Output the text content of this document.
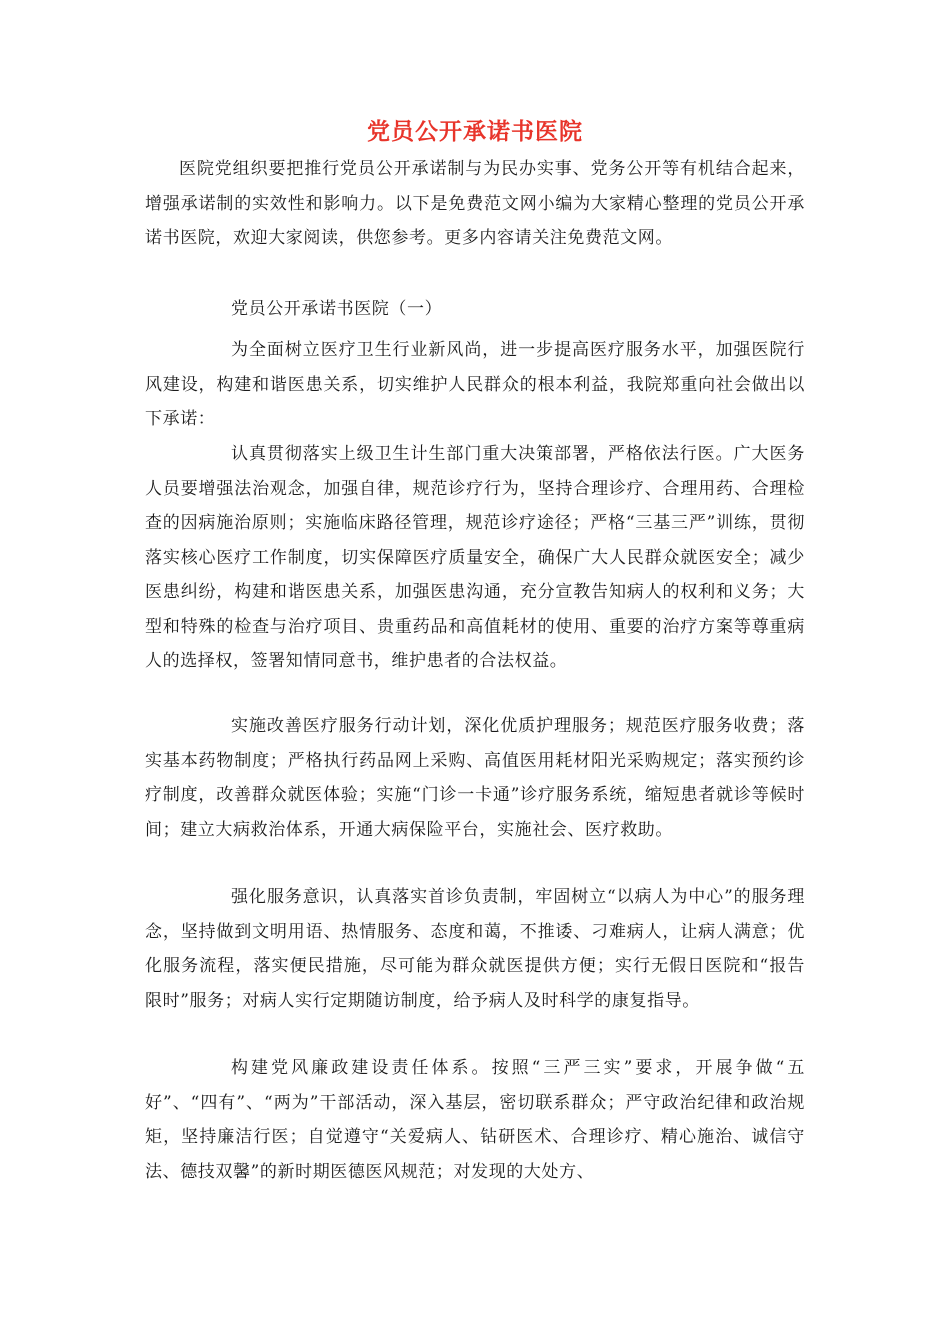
党员公开承诺书医院

医院党组织要把推行党员公开承诺制与为民办实事、党务公开等有机结合起来，增强承诺制的实效性和影响力。以下是免费范文网小编为大家精心整理的党员公开承诺书医院，欢迎大家阅读，供您参考。更多内容请关注免费范文网。

党员公开承诺书医院（一）

为全面树立医疗卫生行业新风尚，进一步提高医疗服务水平，加强医院行风建设，构建和谐医患关系，切实维护人民群众的根本利益，我院郑重向社会做出以下承诺：

认真贯彻落实上级卫生计生部门重大决策部署，严格依法行医。广大医务人员要增强法治观念，加强自律，规范诊疗行为，坚持合理诊疗、合理用药、合理检查的因病施治原则；实施临床路径管理，规范诊疗途径；严格“三基三严”训练，贯彻落实核心医疗工作制度，切实保障医疗质量安全，确保广大人民群众就医安全；减少医患纠纷，构建和谐医患关系，加强医患沟通，充分宣教告知病人的权利和义务；大型和特殊的检查与治疗项目、贵重药品和高值耗材的使用、重要的治疗方案等尊重病人的选择权，签署知情同意书，维护患者的合法权益。

实施改善医疗服务行动计划，深化优质护理服务；规范医疗服务收费；落实基本药物制度；严格执行药品网上采购、高值医用耗材阳光采购规定；落实预约诊疗制度，改善群众就医体验；实施“门诊一卡通”诊疗服务系统，缩短患者就诊等候时间；建立大病救治体系，开通大病保险平台，实施社会、医疗救助。

强化服务意识，认真落实首诊负责制，牢固树立“以病人为中心”的服务理念，坚持做到文明用语、热情服务、态度和蔼，不推诿、刁难病人，让病人满意；优化服务流程，落实便民措施，尽可能为群众就医提供方便；实行无假日医院和“报告限时”服务；对病人实行定期随访制度，给予病人及时科学的康复指导。

构建党风廉政建设责任体系。按照“三严三实”要求，开展争做“五好”、“四有”、“两为”干部活动，深入基层，密切联系群众；严守政治纪律和政治规矩，坚持廉洁行医；自觉遵守“关爱病人、钻研医术、合理诊疗、精心施治、诚信守法、德技双馨”的新时期医德医风规范；对发现的大处方、
